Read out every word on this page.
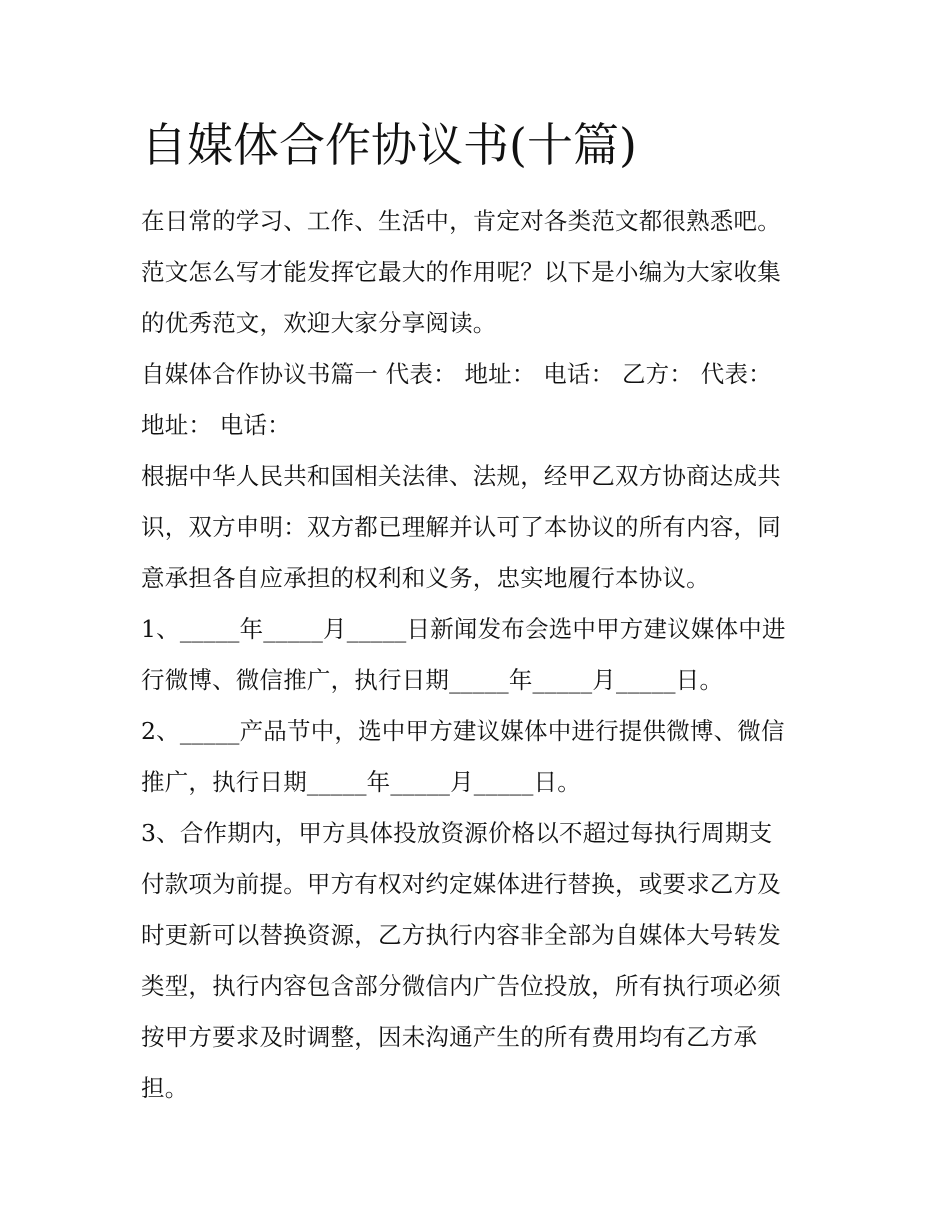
自媒体合作协议书(十篇)

在日常的学习、工作、生活中，肯定对各类范文都很熟悉吧。
范文怎么写才能发挥它最大的作用呢？以下是小编为大家收集
的优秀范文，欢迎大家分享阅读。

自媒体合作协议书篇一 代表： 地址： 电话： 乙方： 代表：
地址： 电话：

根据中华人民共和国相关法律、法规，经甲乙双方协商达成共
识，双方申明：双方都已理解并认可了本协议的所有内容，同
意承担各自应承担的权利和义务，忠实地履行本协议。

1、_____年_____月_____日新闻发布会选中甲方建议媒体中进
行微博、微信推广，执行日期_____年_____月_____日。

2、_____产品节中，选中甲方建议媒体中进行提供微博、微信
推广，执行日期_____年_____月_____日。

3、合作期内，甲方具体投放资源价格以不超过每执行周期支
付款项为前提。甲方有权对约定媒体进行替换，或要求乙方及
时更新可以替换资源，乙方执行内容非全部为自媒体大号转发
类型，执行内容包含部分微信内广告位投放，所有执行项必须
按甲方要求及时调整，因未沟通产生的所有费用均有乙方承
担。
